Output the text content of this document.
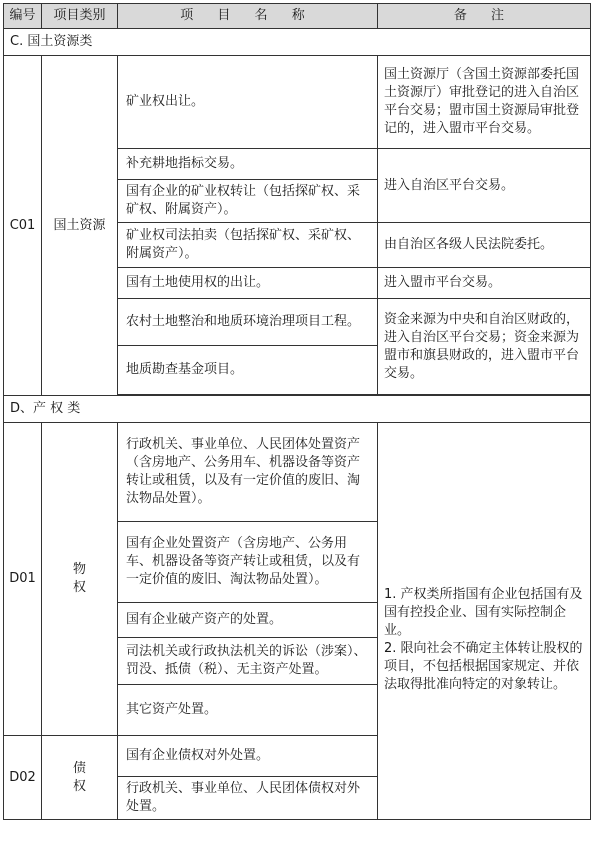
编号	项目类别	项 目 名 称	备 注
C. 国土资源类			
C01	国土资源	矿业权出让。	国土资源厅（含国土资源部委托国土资源厅）审批登记的进入自治区平台交易；盟市国土资源局审批登记的，进入盟市平台交易。
		补充耕地指标交易。	进入自治区平台交易。
		国有企业的矿业权转让（包括探矿权、采矿权、附属资产）。	
		矿业权司法拍卖（包括探矿权、采矿权、附属资产）。	由自治区各级人民法院委托。
		国有土地使用权的出让。	进入盟市平台交易。
		农村土地整治和地质环境治理项目工程。	资金来源为中央和自治区财政的，进入自治区平台交易；资金来源为盟市和旗县财政的，进入盟市平台交易。
		地质勘查基金项目。	

D、产 权 类			
D01	物 权	行政机关、事业单位、人民团体处置资产（含房地产、公务用车、机器设备等资产转让或租赁，以及有一定价值的废旧、淘汰物品处置）。	1. 产权类所指国有企业包括国有及国有控投企业、国有实际控制企业。
2. 限向社会不确定主体转让股权的项目，不包括根据国家规定、并依法取得批准向特定的对象转让。

		国有企业处置资产（含房地产、公务用车、机器设备等资产转让或租赁，以及有一定价值的废旧、淘汰物品处置）。	
		国有企业破产资产的处置。	
		司法机关或行政执法机关的诉讼（涉案）、罚没、抵债（税）、无主资产处置。	
		其它资产处置。	
D02	债 权	国有企业债权对外处置。	
		行政机关、事业单位、人民团体债权对外处置。	
